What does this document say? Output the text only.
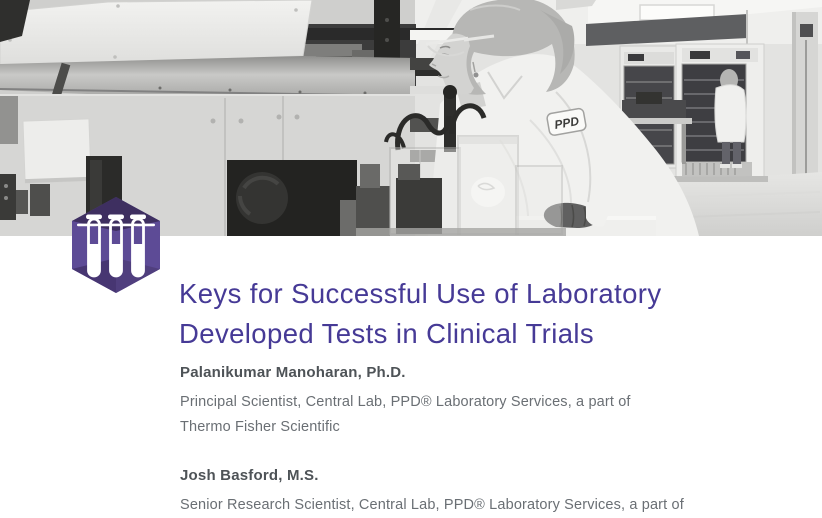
PPD
Keys for Successful Use of Laboratory
Developed Tests in Clinical Trials

Palanikumar Manoharan, Ph.D.

Principal Scientist, Central Lab, PPD® Laboratory Services, a part of

Thermo Fisher Scientific

Josh Basford, M.S.

Senior Research Scientist, Central Lab, PPD® Laboratory Services, a part of
